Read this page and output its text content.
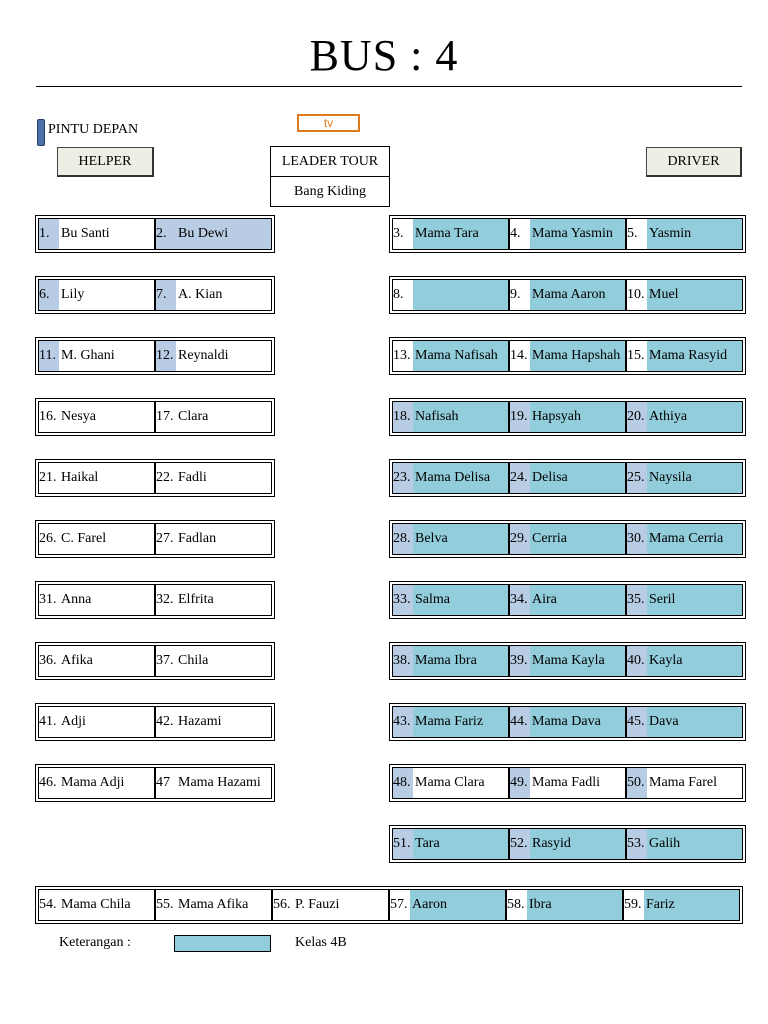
BUS : 4
PINTU DEPAN	tv
HELPER	DRIVER
LEADER TOUR
Bang Kiding
1. Bu Santi	2. Bu Dewi
6. Lily	7. A. Kian
11. M. Ghani	12. Reynaldi
16. Nesya	17. Clara
21. Haikal	22. Fadli
26. C. Farel	27. Fadlan
31. Anna	32. Elfrita
36. Afika	37. Chila
41. Adji	42. Hazami
46. Mama Adji	47 Mama Hazami
3. Mama Tara	4. Mama Yasmin	5. Yasmin
8.	9. Mama Aaron	10. Muel
13. Mama Nafisah 14. Mama Hapshah 15. Mama Rasyid
18. Nafisah	19. Hapsyah	20. Athiya
23. Mama Delisa	24. Delisa	25. Naysila
28. Belva	29. Cerria	30. Mama Cerria
33. Salma	34. Aira	35. Seril
38. Mama Ibra	39. Mama Kayla	40. Kayla
43. Mama Fariz	44. Mama Dava	45. Dava
48. Mama Clara	49. Mama Fadli	50. Mama Farel
51. Tara	52. Rasyid	53. Galih
54. Mama Chila	55. Mama Afika	56. P. Fauzi	57. Aaron	58. Ibra	59. Fariz
Keterangan :	Kelas 4B
